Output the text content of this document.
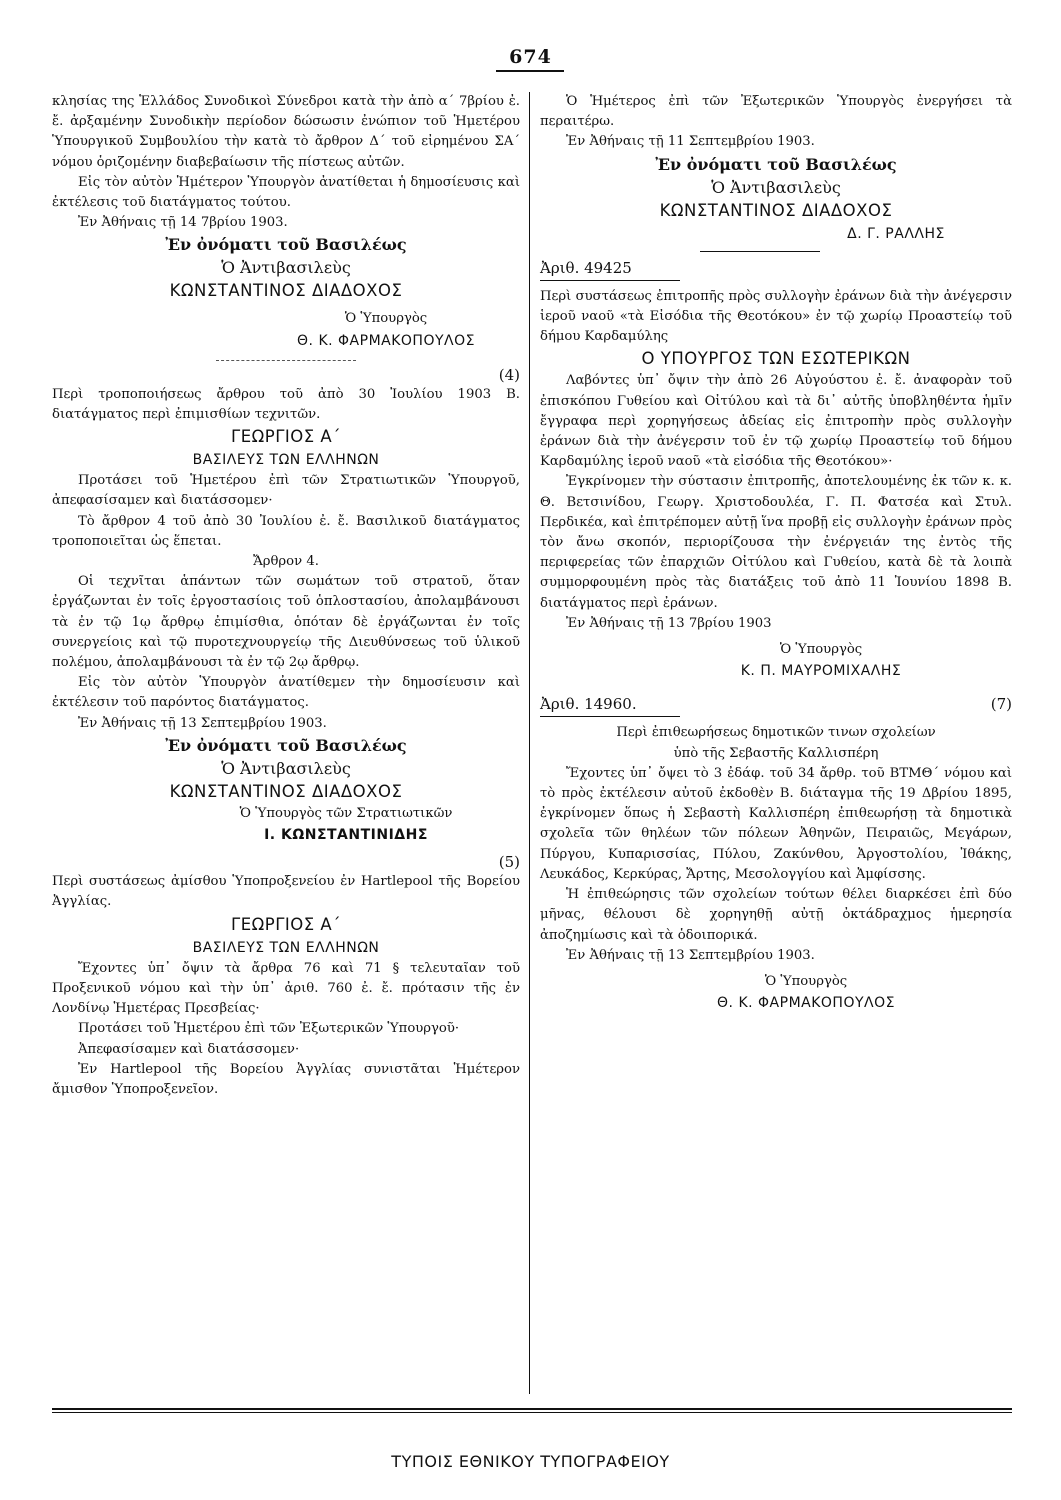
674

κλησίας της Ἑλλάδος Συνοδικοὶ Σύνεδροι κατὰ τὴν ἀπὸ α΄ 7βρίου ἐ. ἔ. ἀρξαμένην Συνοδικὴν περίοδον δώσωσιν ἐνώπιον τοῦ Ἡμετέρου Ὑπουργικοῦ Συμβουλίου τὴν κατὰ τὸ ἄρθρον Δ΄ τοῦ εἰρημένου ΣΑ΄ νόμου ὁριζομένην διαβεβαίωσιν τῆς πίστεως αὐτῶν.

Εἰς τὸν αὐτὸν Ἡμέτερον Ὑπουργὸν ἀνατίθεται ἡ δημοσίευσις καὶ ἐκτέλεσις τοῦ διατάγματος τούτου.

Ἐν Ἀθήναις τῇ 14 7βρίου 1903.

Ἐν ὀνόματι τοῦ Βασιλέως

Ὁ Ἀντιβασιλεὺς

ΚΩΝΣΤΑΝΤΙΝΟΣ ΔΙΑΔΟΧΟΣ

Ὁ Ὑπουργὸς

Θ. Κ. ΦΑΡΜΑΚΟΠΟΥΛΟΣ

(4)

Περὶ τροποποιήσεως ἄρθρου τοῦ ἀπὸ 30 Ἰουλίου 1903 Β. διατάγματος περὶ ἐπιμισθίων τεχνιτῶν.

ΓΕΩΡΓΙΟΣ Α΄

ΒΑΣΙΛΕΥΣ ΤΩΝ ΕΛΛΗΝΩΝ

Προτάσει τοῦ Ἡμετέρου ἐπὶ τῶν Στρατιωτικῶν Ὑπουργοῦ, ἀπεφασίσαμεν καὶ διατάσσομεν·

Τὸ ἄρθρον 4 τοῦ ἀπὸ 30 Ἰουλίου ἐ. ἔ. Βασιλικοῦ διατάγματος τροποποιεῖται ὡς ἕπεται.

Ἄρθρον 4.

Οἱ τεχνῖται ἁπάντων τῶν σωμάτων τοῦ στρατοῦ, ὅταν ἐργάζωνται ἐν τοῖς ἐργοστασίοις τοῦ ὁπλοστασίου, ἀπολαμβάνουσι τὰ ἐν τῷ 1ῳ ἄρθρῳ ἐπιμίσθια, ὁπόταν δὲ ἐργάζωνται ἐν τοῖς συνεργείοις καὶ τῷ πυροτεχνουργείῳ τῆς Διευθύνσεως τοῦ ὑλικοῦ πολέμου, ἀπολαμβάνουσι τὰ ἐν τῷ 2ῳ ἄρθρῳ.

Εἰς τὸν αὐτὸν Ὑπουργὸν ἀνατίθεμεν τὴν δημοσίευσιν καὶ ἐκτέλεσιν τοῦ παρόντος διατάγματος.

Ἐν Ἀθήναις τῇ 13 Σεπτεμβρίου 1903.

Ἐν ὀνόματι τοῦ Βασιλέως

Ὁ Ἀντιβασιλεὺς

ΚΩΝΣΤΑΝΤΙΝΟΣ ΔΙΑΔΟΧΟΣ

Ὁ Ὑπουργὸς τῶν Στρατιωτικῶν

Ι. ΚΩΝΣΤΑΝΤΙΝΙΔΗΣ

(5)

Περὶ συστάσεως ἀμίσθου Ὑποπροξενείου ἐν Hartlepool τῆς Βορείου Ἀγγλίας.

ΓΕΩΡΓΙΟΣ Α΄

ΒΑΣΙΛΕΥΣ ΤΩΝ ΕΛΛΗΝΩΝ

Ἔχοντες ὑπ᾿ ὄψιν τὰ ἄρθρα 76 καὶ 71 § τελευταῖαν τοῦ Προξενικοῦ νόμου καὶ τὴν ὑπ᾿ ἀριθ. 760 ἐ. ἔ. πρότασιν τῆς ἐν Λονδίνῳ Ἡμετέρας Πρεσβείας·

Προτάσει τοῦ Ἡμετέρου ἐπὶ τῶν Ἐξωτερικῶν Ὑπουργοῦ·

Ἀπεφασίσαμεν καὶ διατάσσομεν·

Ἐν Hartlepool τῆς Βορείου Ἀγγλίας συνιστᾶται Ἡμέτερον ἄμισθον Ὑποπροξενεῖον.

Ὁ Ἡμέτερος ἐπὶ τῶν Ἐξωτερικῶν Ὑπουργὸς ἐνεργήσει τὰ περαιτέρω.

Ἐν Ἀθήναις τῇ 11 Σεπτεμβρίου 1903.

Ἐν ὀνόματι τοῦ Βασιλέως

Ὁ Ἀντιβασιλεὺς

ΚΩΝΣΤΑΝΤΙΝΟΣ ΔΙΑΔΟΧΟΣ

Δ. Γ. ΡΑΛΛΗΣ

Ἀριθ. 49425

Περὶ συστάσεως ἐπιτροπῆς πρὸς συλλογὴν ἐράνων διὰ τὴν ἀνέγερσιν ἱεροῦ ναοῦ «τὰ Εἰσόδια τῆς Θεοτόκου» ἐν τῷ χωρίῳ Προαστείῳ τοῦ δήμου Καρδαμύλης

Ο ΥΠΟΥΡΓΟΣ ΤΩΝ ΕΣΩΤΕΡΙΚΩΝ

Λαβόντες ὑπ᾿ ὄψιν τὴν ἀπὸ 26 Αὐγούστου ἐ. ἔ. ἀναφορὰν τοῦ ἐπισκόπου Γυθείου καὶ Οἰτύλου καὶ τὰ δι᾿ αὐτῆς ὑποβληθέντα ἡμῖν ἔγγραφα περὶ χορηγήσεως ἀδείας εἰς ἐπιτροπὴν πρὸς συλλογὴν ἐράνων διὰ τὴν ἀνέγερσιν τοῦ ἐν τῷ χωρίῳ Προαστείῳ τοῦ δήμου Καρδαμύλης ἱεροῦ ναοῦ «τὰ εἰσόδια τῆς Θεοτόκου»·

Ἐγκρίνομεν τὴν σύστασιν ἐπιτροπῆς, ἀποτελουμένης ἐκ τῶν κ. κ. Θ. Βετσινίδου, Γεωργ. Χριστοδουλέα, Γ. Π. Φατσέα καὶ Στυλ. Περδικέα, καὶ ἐπιτρέπομεν αὐτῇ ἵνα προβῇ εἰς συλλογὴν ἐράνων πρὸς τὸν ἄνω σκοπόν, περιορίζουσα τὴν ἐνέργειάν της ἐντὸς τῆς περιφερείας τῶν ἐπαρχιῶν Οἰτύλου καὶ Γυθείου, κατὰ δὲ τὰ λοιπὰ συμμορφουμένη πρὸς τὰς διατάξεις τοῦ ἀπὸ 11 Ἰουνίου 1898 Β. διατάγματος περὶ ἐράνων.

Ἐν Ἀθήναις τῇ 13 7βρίου 1903

Ὁ Ὑπουργὸς

Κ. Π. ΜΑΥΡΟΜΙΧΑΛΗΣ

Ἀριθ. 14960.	(7)

Περὶ ἐπιθεωρήσεως δημοτικῶν τινων σχολείων

ὑπὸ τῆς Σεβαστῆς Καλλισπέρη

Ἔχοντες ὑπ᾿ ὄψει τὸ 3 ἐδάφ. τοῦ 34 ἄρθρ. τοῦ ΒΤΜΘ΄ νόμου καὶ τὸ πρὸς ἐκτέλεσιν αὐτοῦ ἐκδοθὲν Β. διάταγμα τῆς 19 Δβρίου 1895, ἐγκρίνομεν ὅπως ἡ Σεβαστὴ Καλλισπέρη ἐπιθεωρήσῃ τὰ δημοτικὰ σχολεῖα τῶν θηλέων τῶν πόλεων Ἀθηνῶν, Πειραιῶς, Μεγάρων, Πύργου, Κυπαρισσίας, Πύλου, Ζακύνθου, Ἀργοστολίου, Ἰθάκης, Λευκάδος, Κερκύρας, Ἄρτης, Μεσολογγίου καὶ Ἀμφίσσης.

Ἡ ἐπιθεώρησις τῶν σχολείων τούτων θέλει διαρκέσει ἐπὶ δύο μῆνας, θέλουσι δὲ χορηγηθῇ αὐτῇ ὀκτάδραχμος ἡμερησία ἀποζημίωσις καὶ τὰ ὁδοιπορικά.

Ἐν Ἀθήναις τῇ 13 Σεπτεμβρίου 1903.

Ὁ Ὑπουργὸς

Θ. Κ. ΦΑΡΜΑΚΟΠΟΥΛΟΣ

ΤΥΠΟΙΣ ΕΘΝΙΚΟΥ ΤΥΠΟΓΡΑΦΕΙΟΥ
